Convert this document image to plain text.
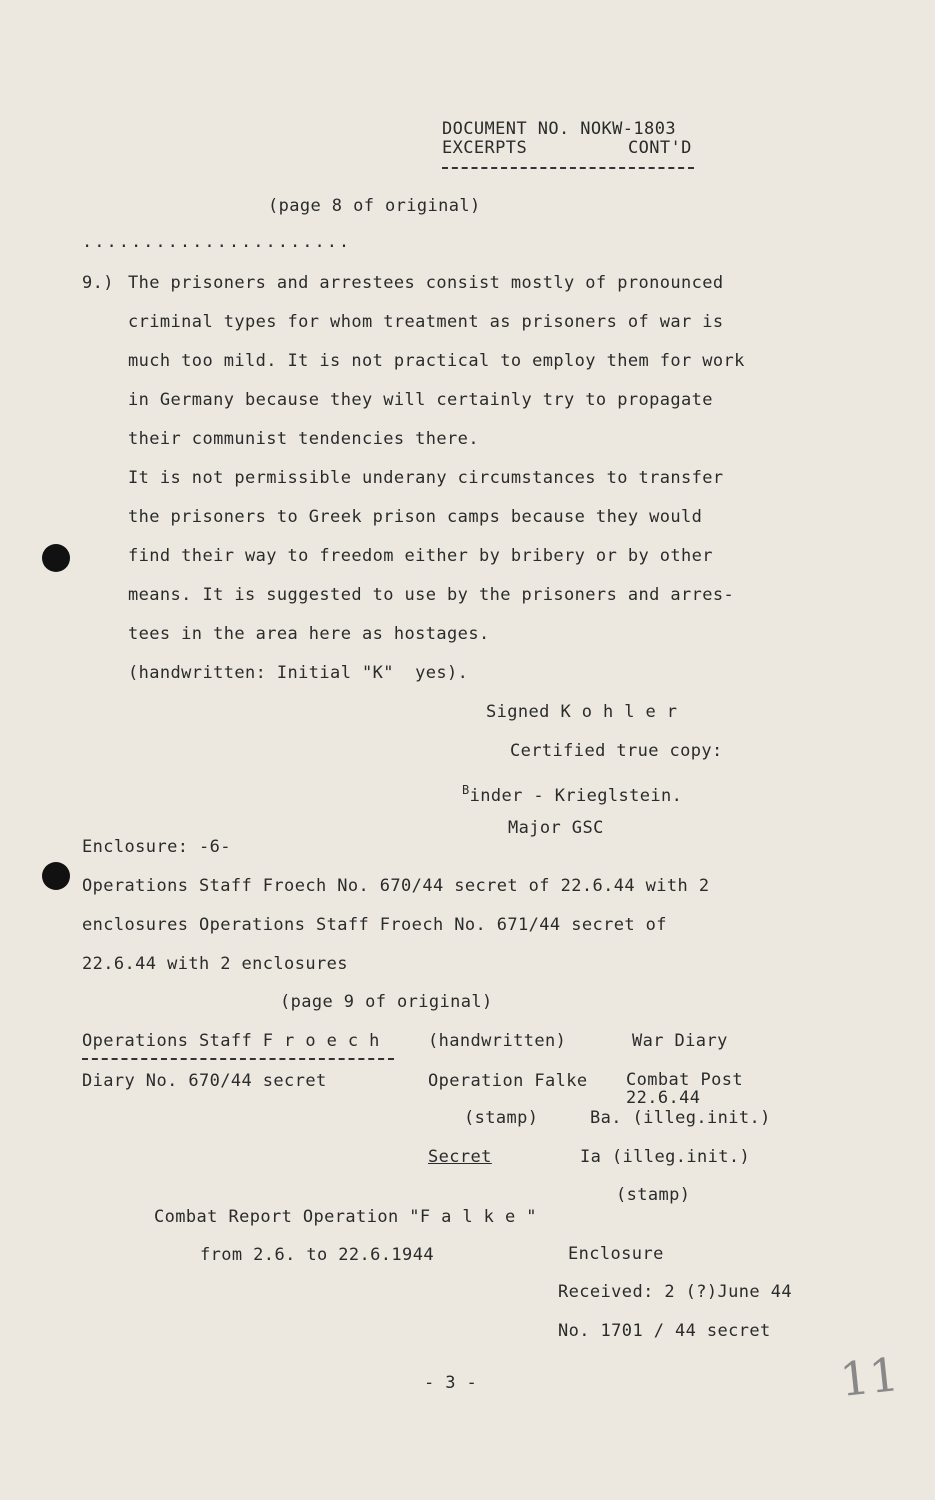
DOCUMENT NO. NOKW-1803
EXCERPTS	CONT'D
(page 8 of original)
......................
9.) The prisoners and arrestees consist mostly of pronounced
criminal types for whom treatment as prisoners of war is
much too mild. It is not practical to employ them for work
in Germany because they will certainly try to propagate
their communist tendencies there.
It is not permissible underany circumstances to transfer
the prisoners to Greek prison camps because they would
find their way to freedom either by bribery or by other
means. It is suggested to use by the prisoners and arres-
tees in the area here as hostages.
(handwritten: Initial "K"  yes).
Signed K o h l e r
Certified true copy:
$^B$inder - Krieglstein.
Major GSC
Enclosure: -6-
Operations Staff Froech No. 670/44 secret of 22.6.44 with 2
enclosures Operations Staff Froech No. 671/44 secret of
22.6.44 with 2 enclosures
(page 9 of original)
Operations Staff F r o e c h	(handwritten)	War Diary
Diary No. 670/44 secret	Operation Falke Combat Post
22.6.44
(stamp)	Ba. (illeg.init.)
Secret	Ia (illeg.init.)
(stamp)
Combat Report Operation "F a l k e "
from 2.6. to 22.6.1944	Enclosure
Received: 2 (?)June 44
No. 1701 / 44 secret
- 3 -	11
